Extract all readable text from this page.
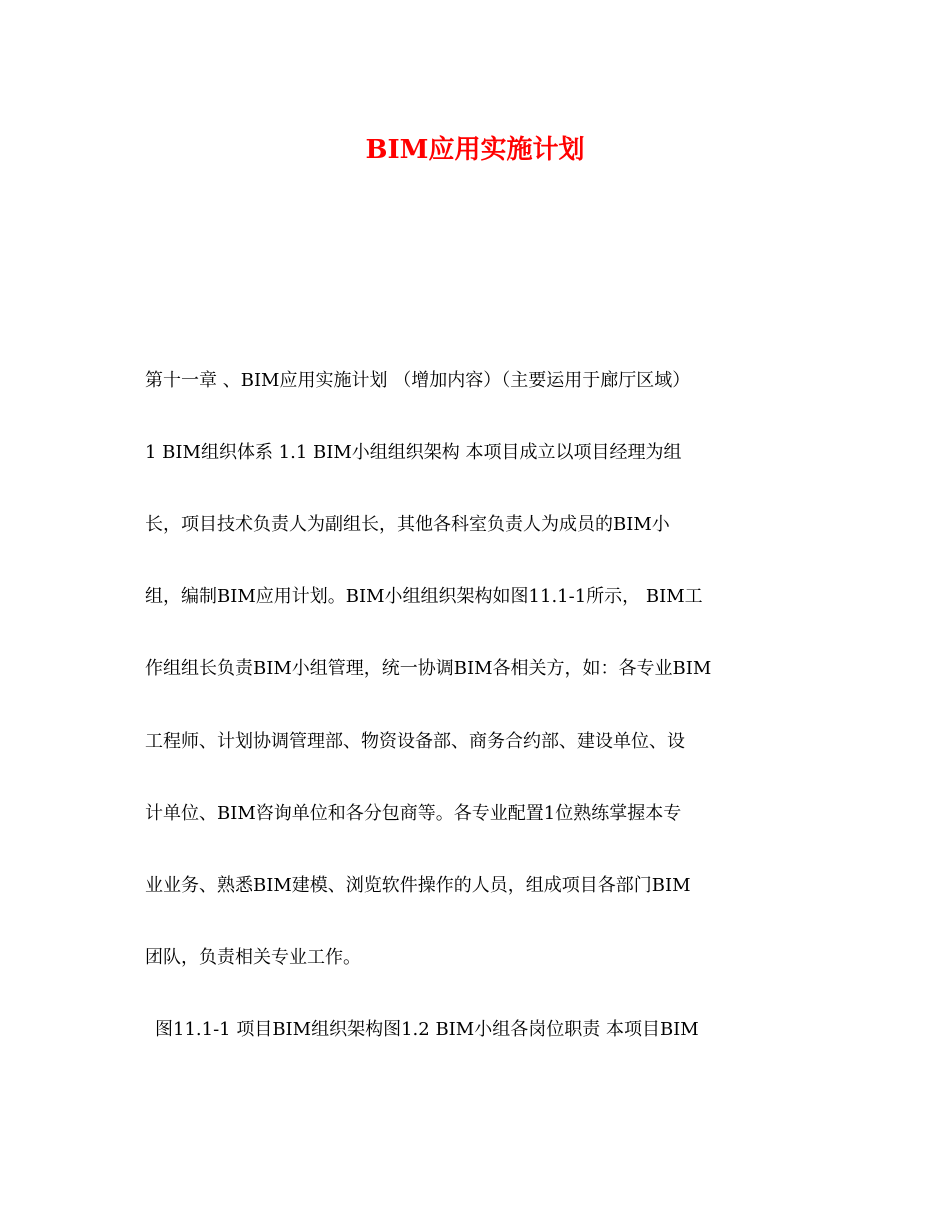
BIM应用实施计划
第十一章 、BIM应用实施计划 （增加内容）（主要运用于廊厅区域）
1 BIM组织体系 1.1 BIM小组组织架构 本项目成立以项目经理为组
长，项目技术负责人为副组长，其他各科室负责人为成员的BIM小
组，编制BIM应用计划。BIM小组组织架构如图11.1-1所示， BIM工
作组组长负责BIM小组管理，统一协调BIM各相关方，如：各专业BIM
工程师、计划协调管理部、物资设备部、商务合约部、建设单位、设
计单位、BIM咨询单位和各分包商等。各专业配置1位熟练掌握本专
业业务、熟悉BIM建模、浏览软件操作的人员，组成项目各部门BIM
团队，负责相关专业工作。
图11.1-1 项目BIM组织架构图1.2 BIM小组各岗位职责 本项目BIM
